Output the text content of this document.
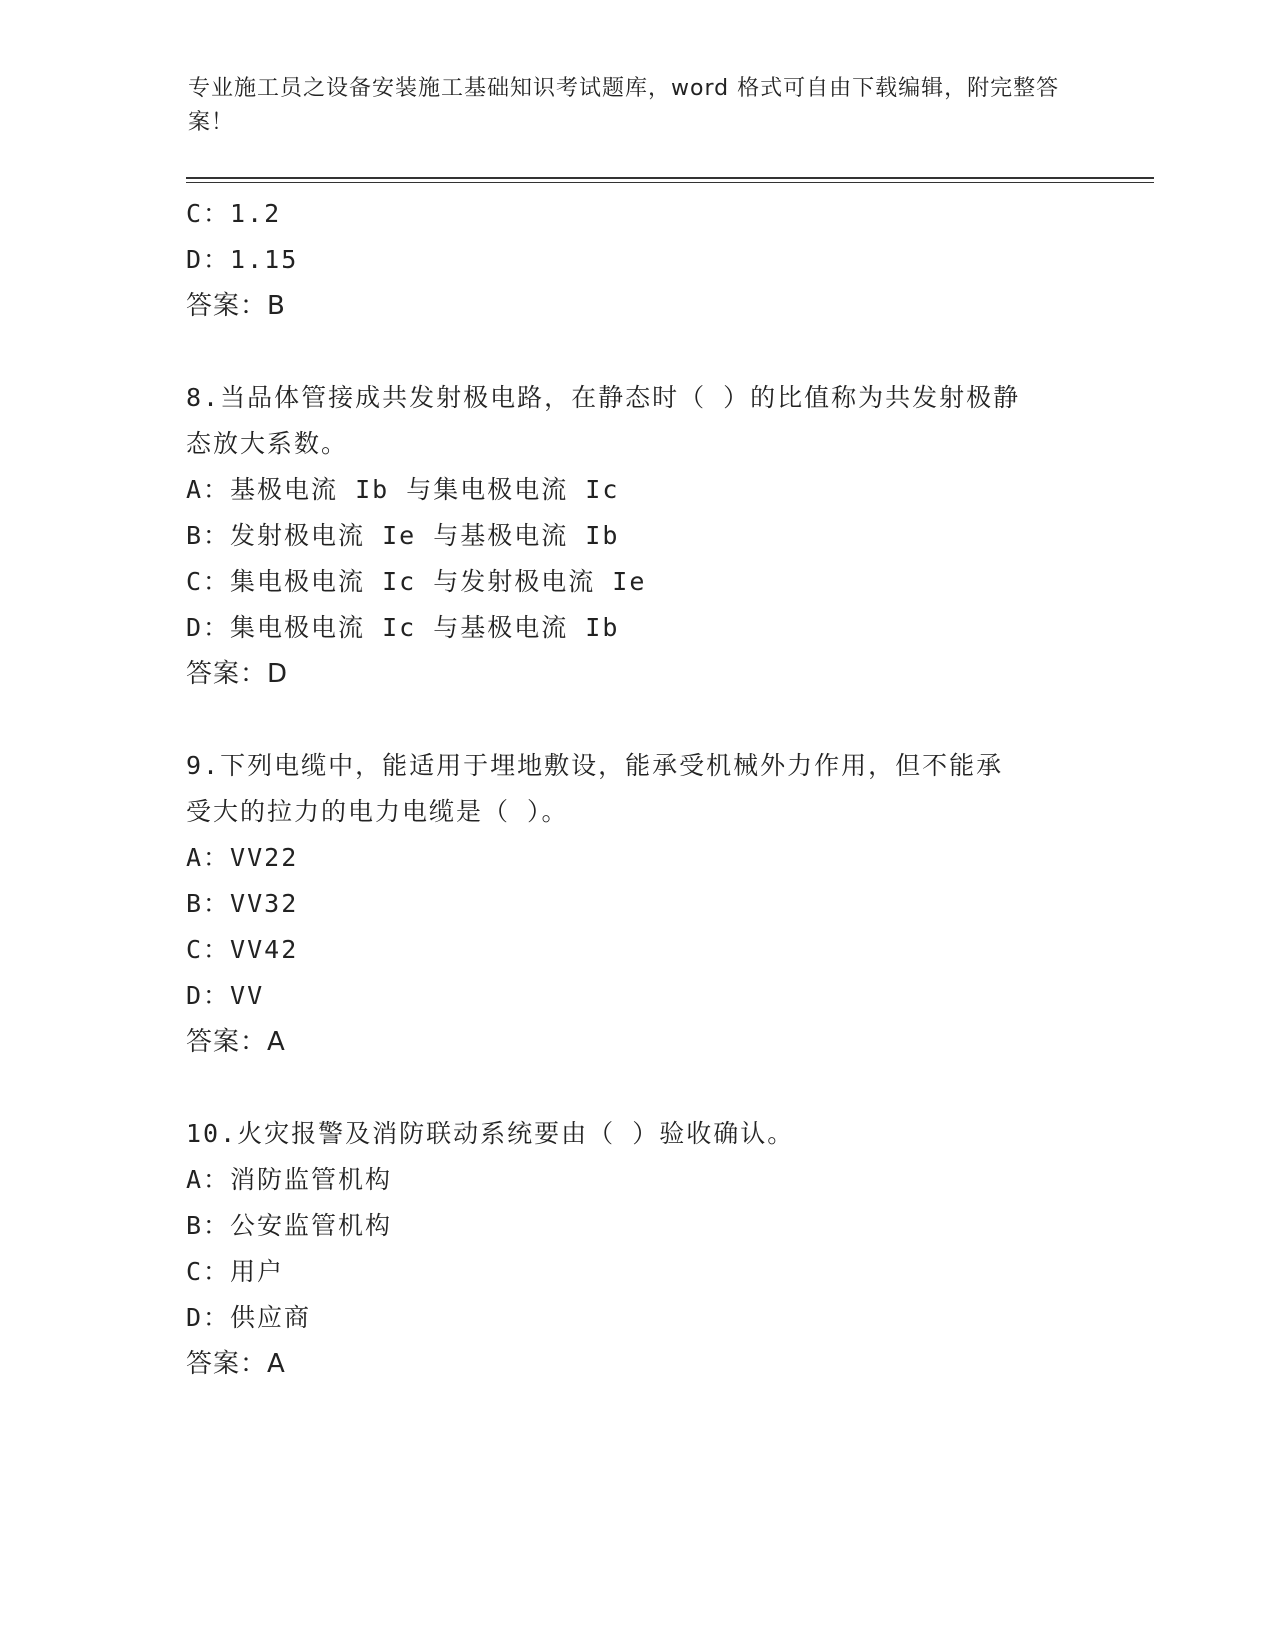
专业施工员之设备安装施工基础知识考试题库，word 格式可自由下载编辑，附完整答案！
C：1.2
D：1.15
答案：B
8.当品体管接成共发射极电路，在静态时（ ）的比值称为共发射极静
态放大系数。
A：基极电流 Ib 与集电极电流 Ic
B：发射极电流 Ie 与基极电流 Ib
C：集电极电流 Ic 与发射极电流 Ie
D：集电极电流 Ic 与基极电流 Ib
答案：D
9.下列电缆中，能适用于埋地敷设，能承受机械外力作用，但不能承
受大的拉力的电力电缆是（ ）。
A：VV22
B：VV32
C：VV42
D：VV
答案：A
10.火灾报警及消防联动系统要由（ ）验收确认。
A：消防监管机构
B：公安监管机构
C：用户
D：供应商
答案：A
